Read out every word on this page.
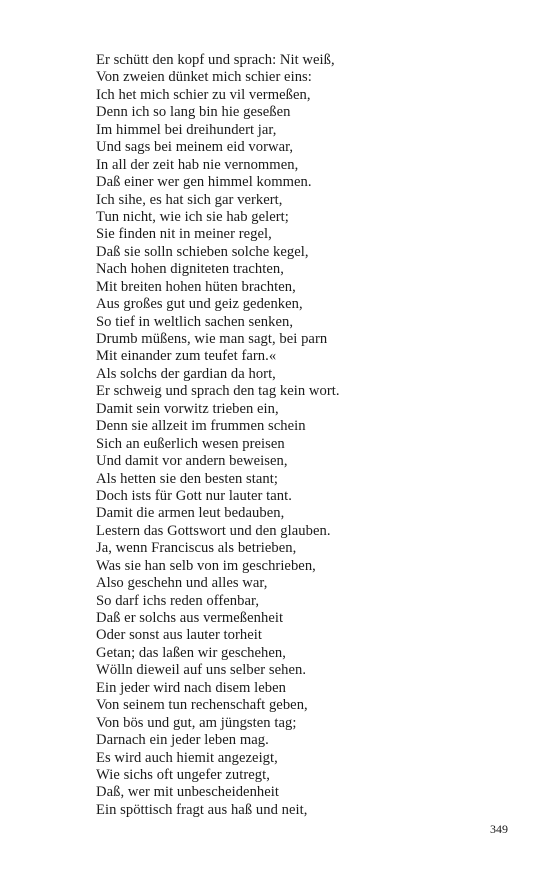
Er schütt den kopf und sprach: Nit weiß,
Von zweien dünket mich schier eins:
Ich het mich schier zu vil vermeßen,
Denn ich so lang bin hie geseßen
Im himmel bei dreihundert jar,
Und sags bei meinem eid vorwar,
In all der zeit hab nie vernommen,
Daß einer wer gen himmel kommen.
Ich sihe, es hat sich gar verkert,
Tun nicht, wie ich sie hab gelert;
Sie finden nit in meiner regel,
Daß sie solln schieben solche kegel,
Nach hohen digniteten trachten,
Mit breiten hohen hüten brachten,
Aus großes gut und geiz gedenken,
So tief in weltlich sachen senken,
Drumb müßens, wie man sagt, bei parn
Mit einander zum teufet farn.«
Als solchs der gardian da hort,
Er schweig und sprach den tag kein wort.
Damit sein vorwitz trieben ein,
Denn sie allzeit im frummen schein
Sich an eußerlich wesen preisen
Und damit vor andern beweisen,
Als hetten sie den besten stant;
Doch ists für Gott nur lauter tant.
Damit die armen leut bedauben,
Lestern das Gottswort und den glauben.
Ja, wenn Franciscus als betrieben,
Was sie han selb von im geschrieben,
Also geschehn und alles war,
So darf ichs reden offenbar,
Daß er solchs aus vermeßenheit
Oder sonst aus lauter torheit
Getan; das laßen wir geschehen,
Wölln dieweil auf uns selber sehen.
Ein jeder wird nach disem leben
Von seinem tun rechenschaft geben,
Von bös und gut, am jüngsten tag;
Darnach ein jeder leben mag.
Es wird auch hiemit angezeigt,
Wie sichs oft ungefer zutregt,
Daß, wer mit unbescheidenheit
Ein spöttisch fragt aus haß und neit,
349
